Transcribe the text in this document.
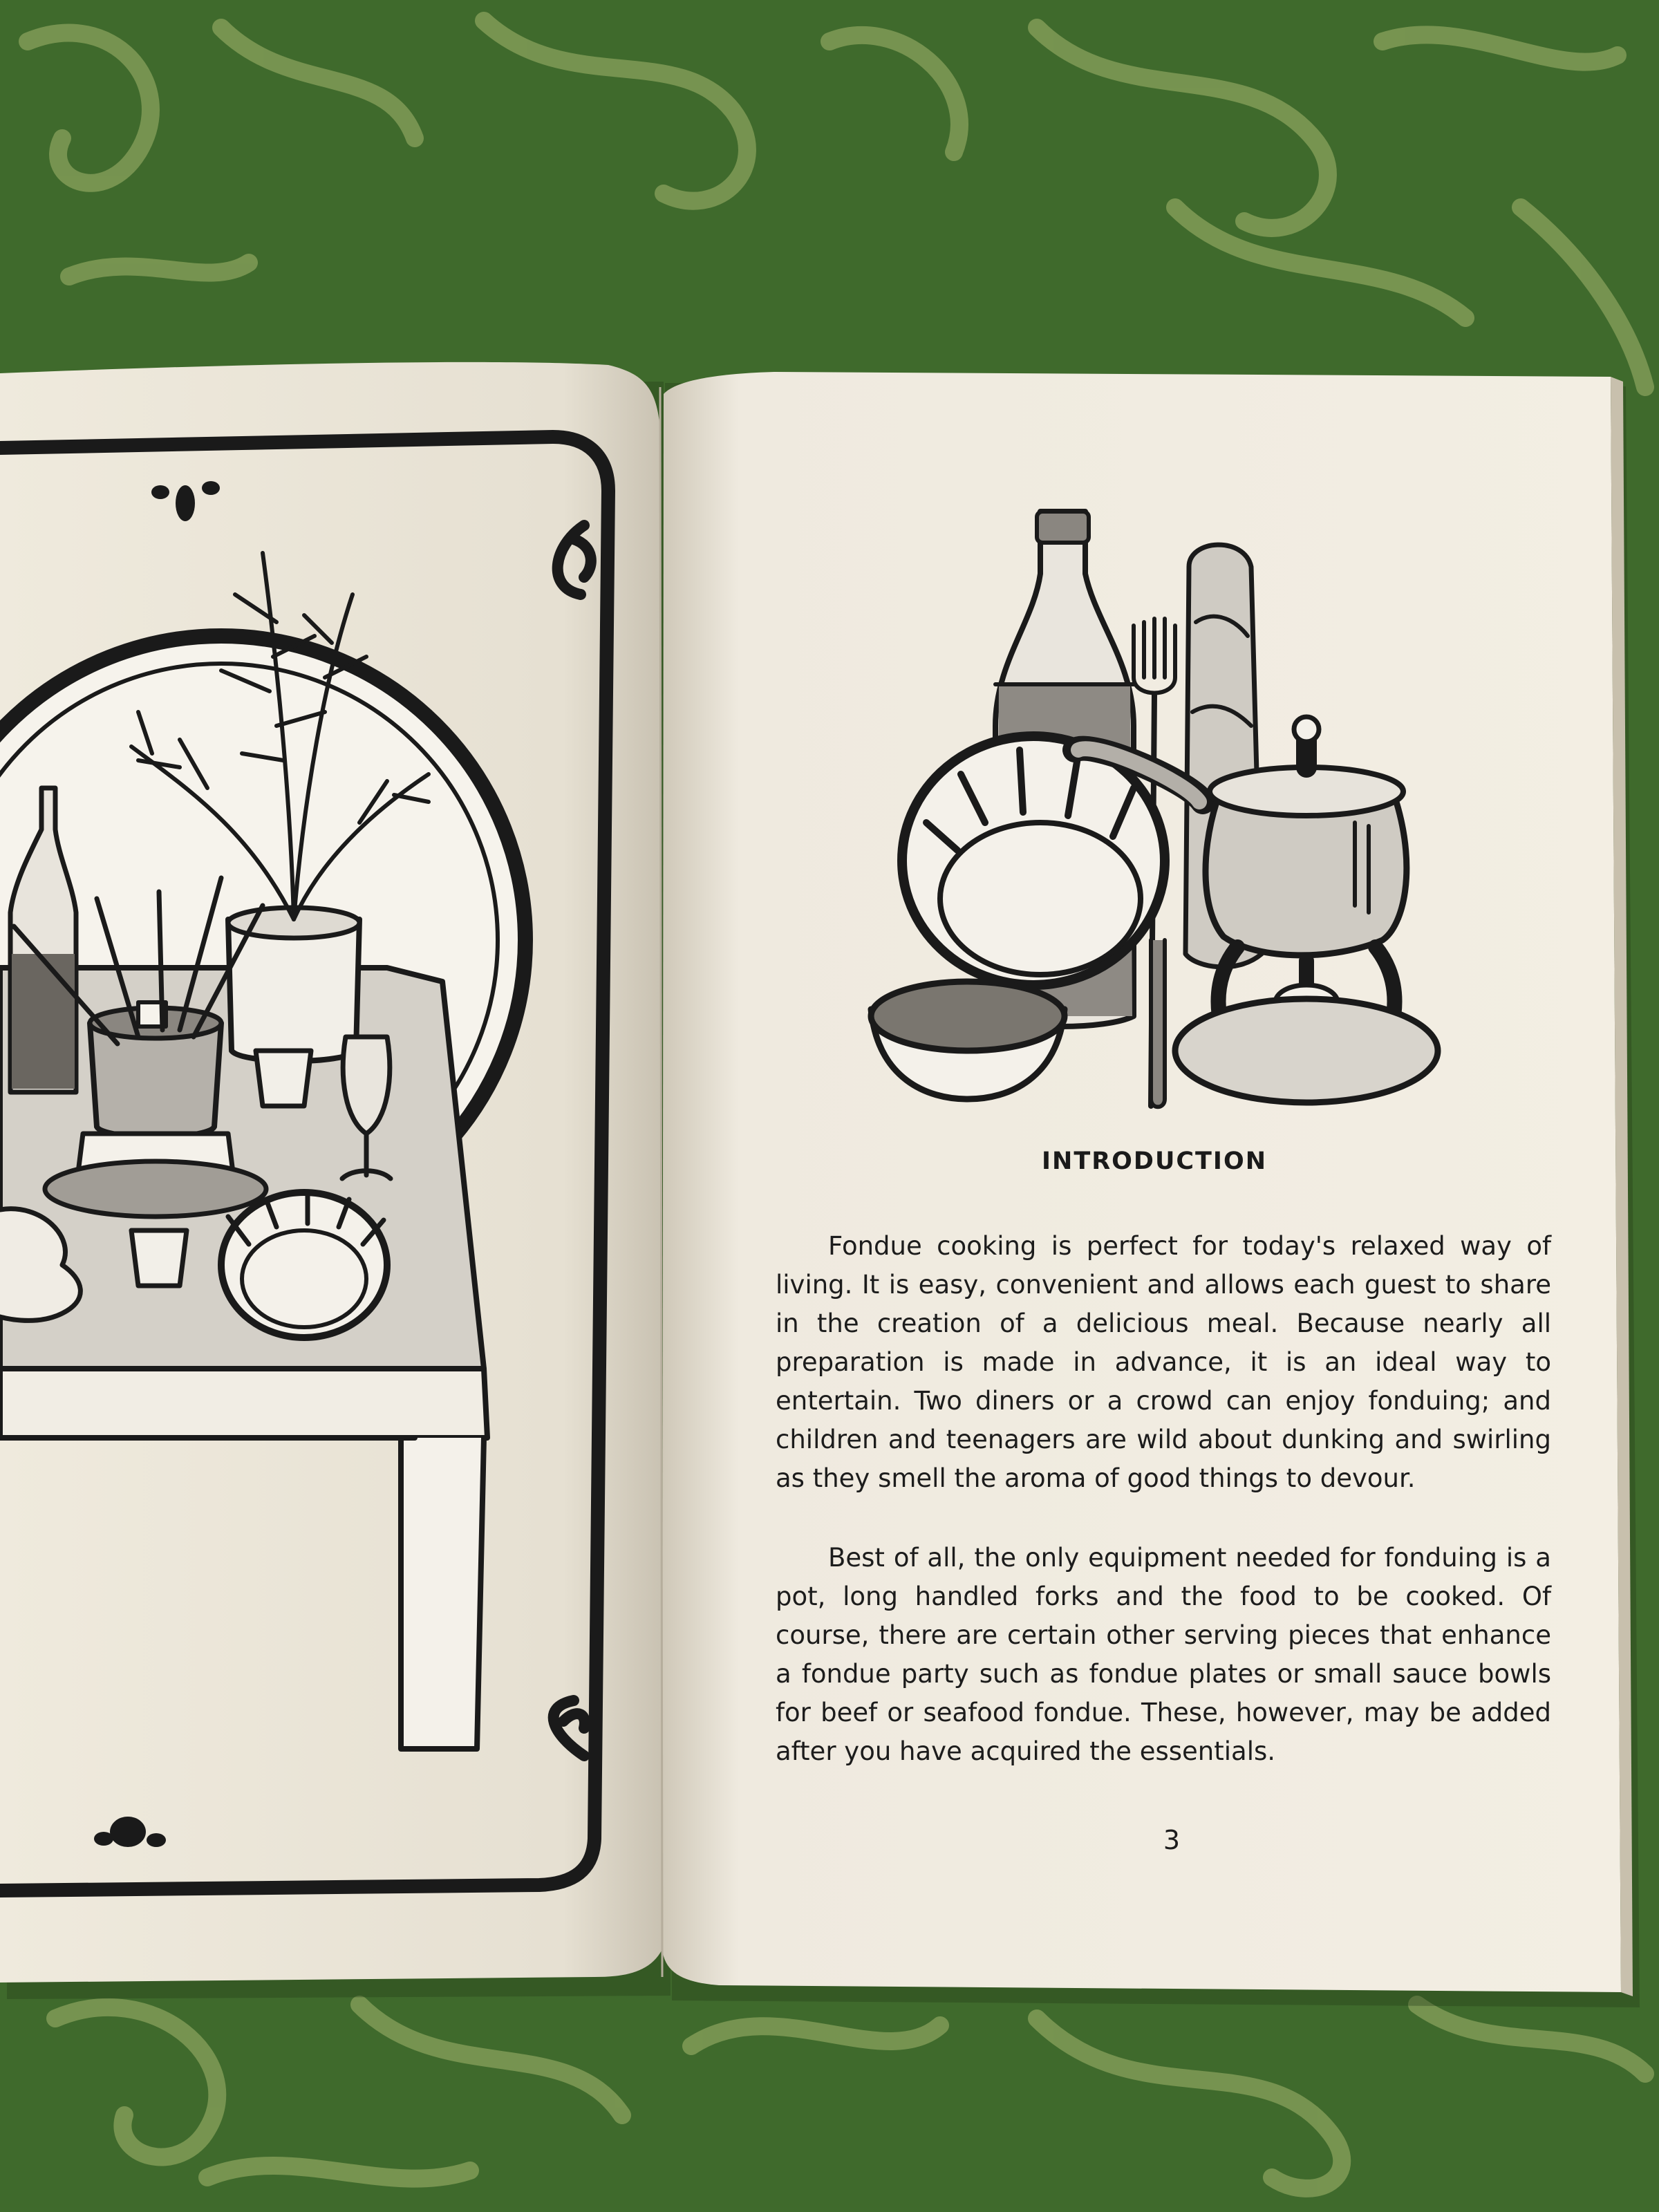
INTRODUCTION

Fondue cooking is perfect for today's relaxed way of living. It is easy, convenient and allows each guest to share in the creation of a delicious meal. Because nearly all preparation is made in advance, it is an ideal way to entertain. Two diners or a crowd can enjoy fonduing; and children and teenagers are wild about dunking and swirling as they smell the aroma of good things to devour.

Best of all, the only equipment needed for fonduing is a pot, long handled forks and the food to be cooked. Of course, there are certain other serving pieces that enhance a fondue party such as fondue plates or small sauce bowls for beef or seafood fondue. These, however, may be added after you have acquired the essentials.

3
